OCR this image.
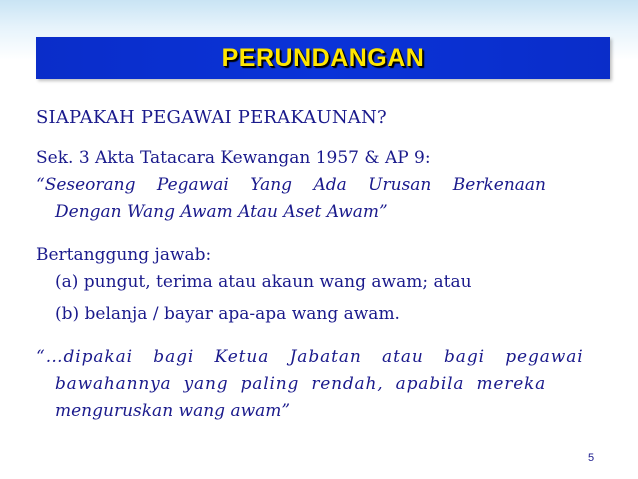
PERUNDANGAN

SIAPAKAH PEGAWAI PERAKAUNAN?

Sek. 3 Akta Tatacara Kewangan 1957 & AP 9:

“Seseorang Pegawai Yang Ada Urusan Berkenaan

Dengan Wang Awam Atau Aset Awam”

Bertanggung jawab:

(a) pungut, terima atau akaun wang awam; atau

(b) belanja / bayar apa-apa wang awam.

“…dipakai bagi Ketua Jabatan atau bagi pegawai

bawahannya yang paling rendah, apabila mereka

menguruskan wang awam”

5
